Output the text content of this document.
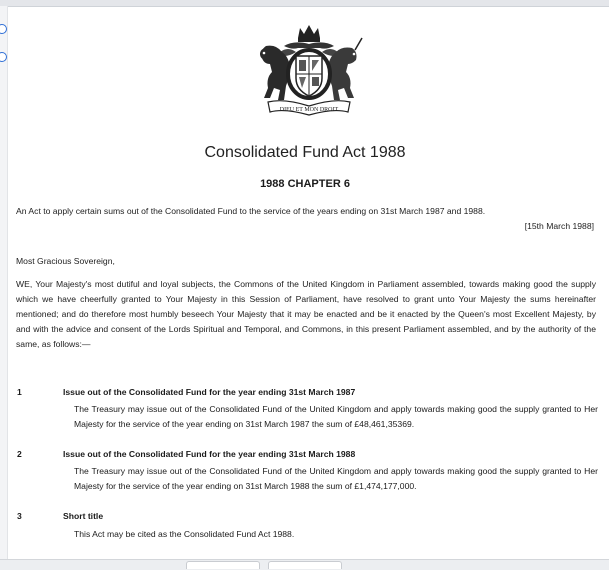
DIEU ET MON DROIT
Consolidated Fund Act 1988
1988 CHAPTER 6
An Act to apply certain sums out of the Consolidated Fund to the service of the years ending on 31st March 1987 and 1988.
[15th March 1988]
Most Gracious Sovereign,
WE, Your Majesty's most dutiful and loyal subjects, the Commons of the United Kingdom in Parliament assembled, towards making good the supply which we have cheerfully granted to Your Majesty in this Session of Parliament, have resolved to grant unto Your Majesty the sums hereinafter mentioned; and do therefore most humbly beseech Your Majesty that it may be enacted and be it enacted by the Queen's most Excellent Majesty, by and with the advice and consent of the Lords Spiritual and Temporal, and Commons, in this present Parliament assembled, and by the authority of the same, as follows:—
1	Issue out of the Consolidated Fund for the year ending 31st March 1987
The Treasury may issue out of the Consolidated Fund of the United Kingdom and apply towards making good the supply granted to Her Majesty for the service of the year ending on 31st March 1987 the sum of £48,461,35369.
2	Issue out of the Consolidated Fund for the year ending 31st March 1988
The Treasury may issue out of the Consolidated Fund of the United Kingdom and apply towards making good the supply granted to Her Majesty for the service of the year ending on 31st March 1988 the sum of £1,474,177,000.
3	Short title
This Act may be cited as the Consolidated Fund Act 1988.
